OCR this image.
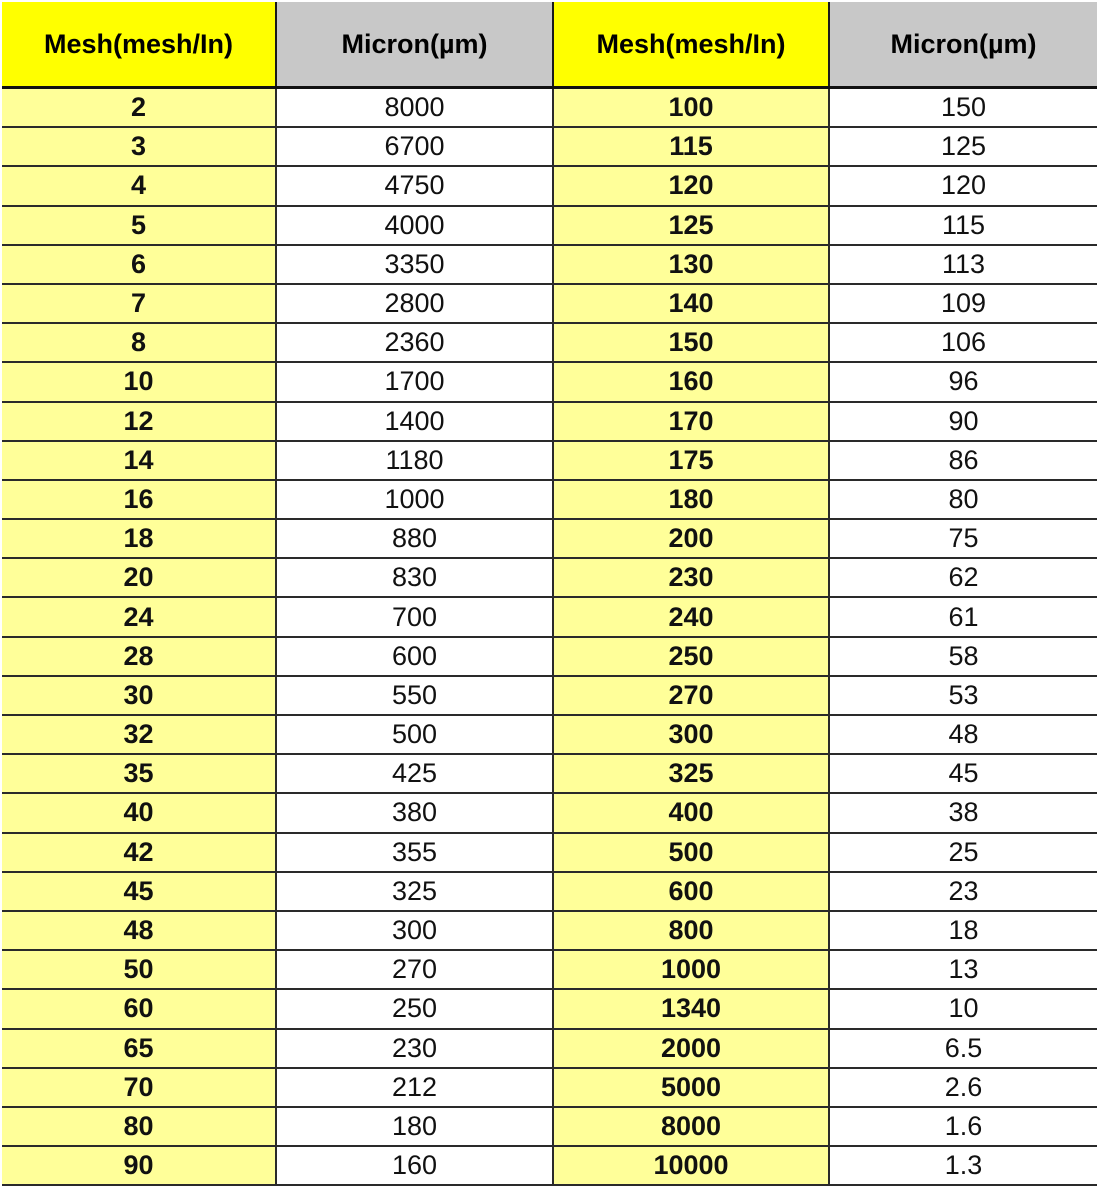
Mesh(mesh/In)	Micron(µm)	Mesh(mesh/In)	Micron(µm)
2	8000	100	150
3	6700	115	125
4	4750	120	120
5	4000	125	115
6	3350	130	113
7	2800	140	109
8	2360	150	106
10	1700	160	96
12	1400	170	90
14	1180	175	86
16	1000	180	80
18	880	200	75
20	830	230	62
24	700	240	61
28	600	250	58
30	550	270	53
32	500	300	48
35	425	325	45
40	380	400	38
42	355	500	25
45	325	600	23
48	300	800	18
50	270	1000	13
60	250	1340	10
65	230	2000	6.5
70	212	5000	2.6
80	180	8000	1.6
90	160	10000	1.3
